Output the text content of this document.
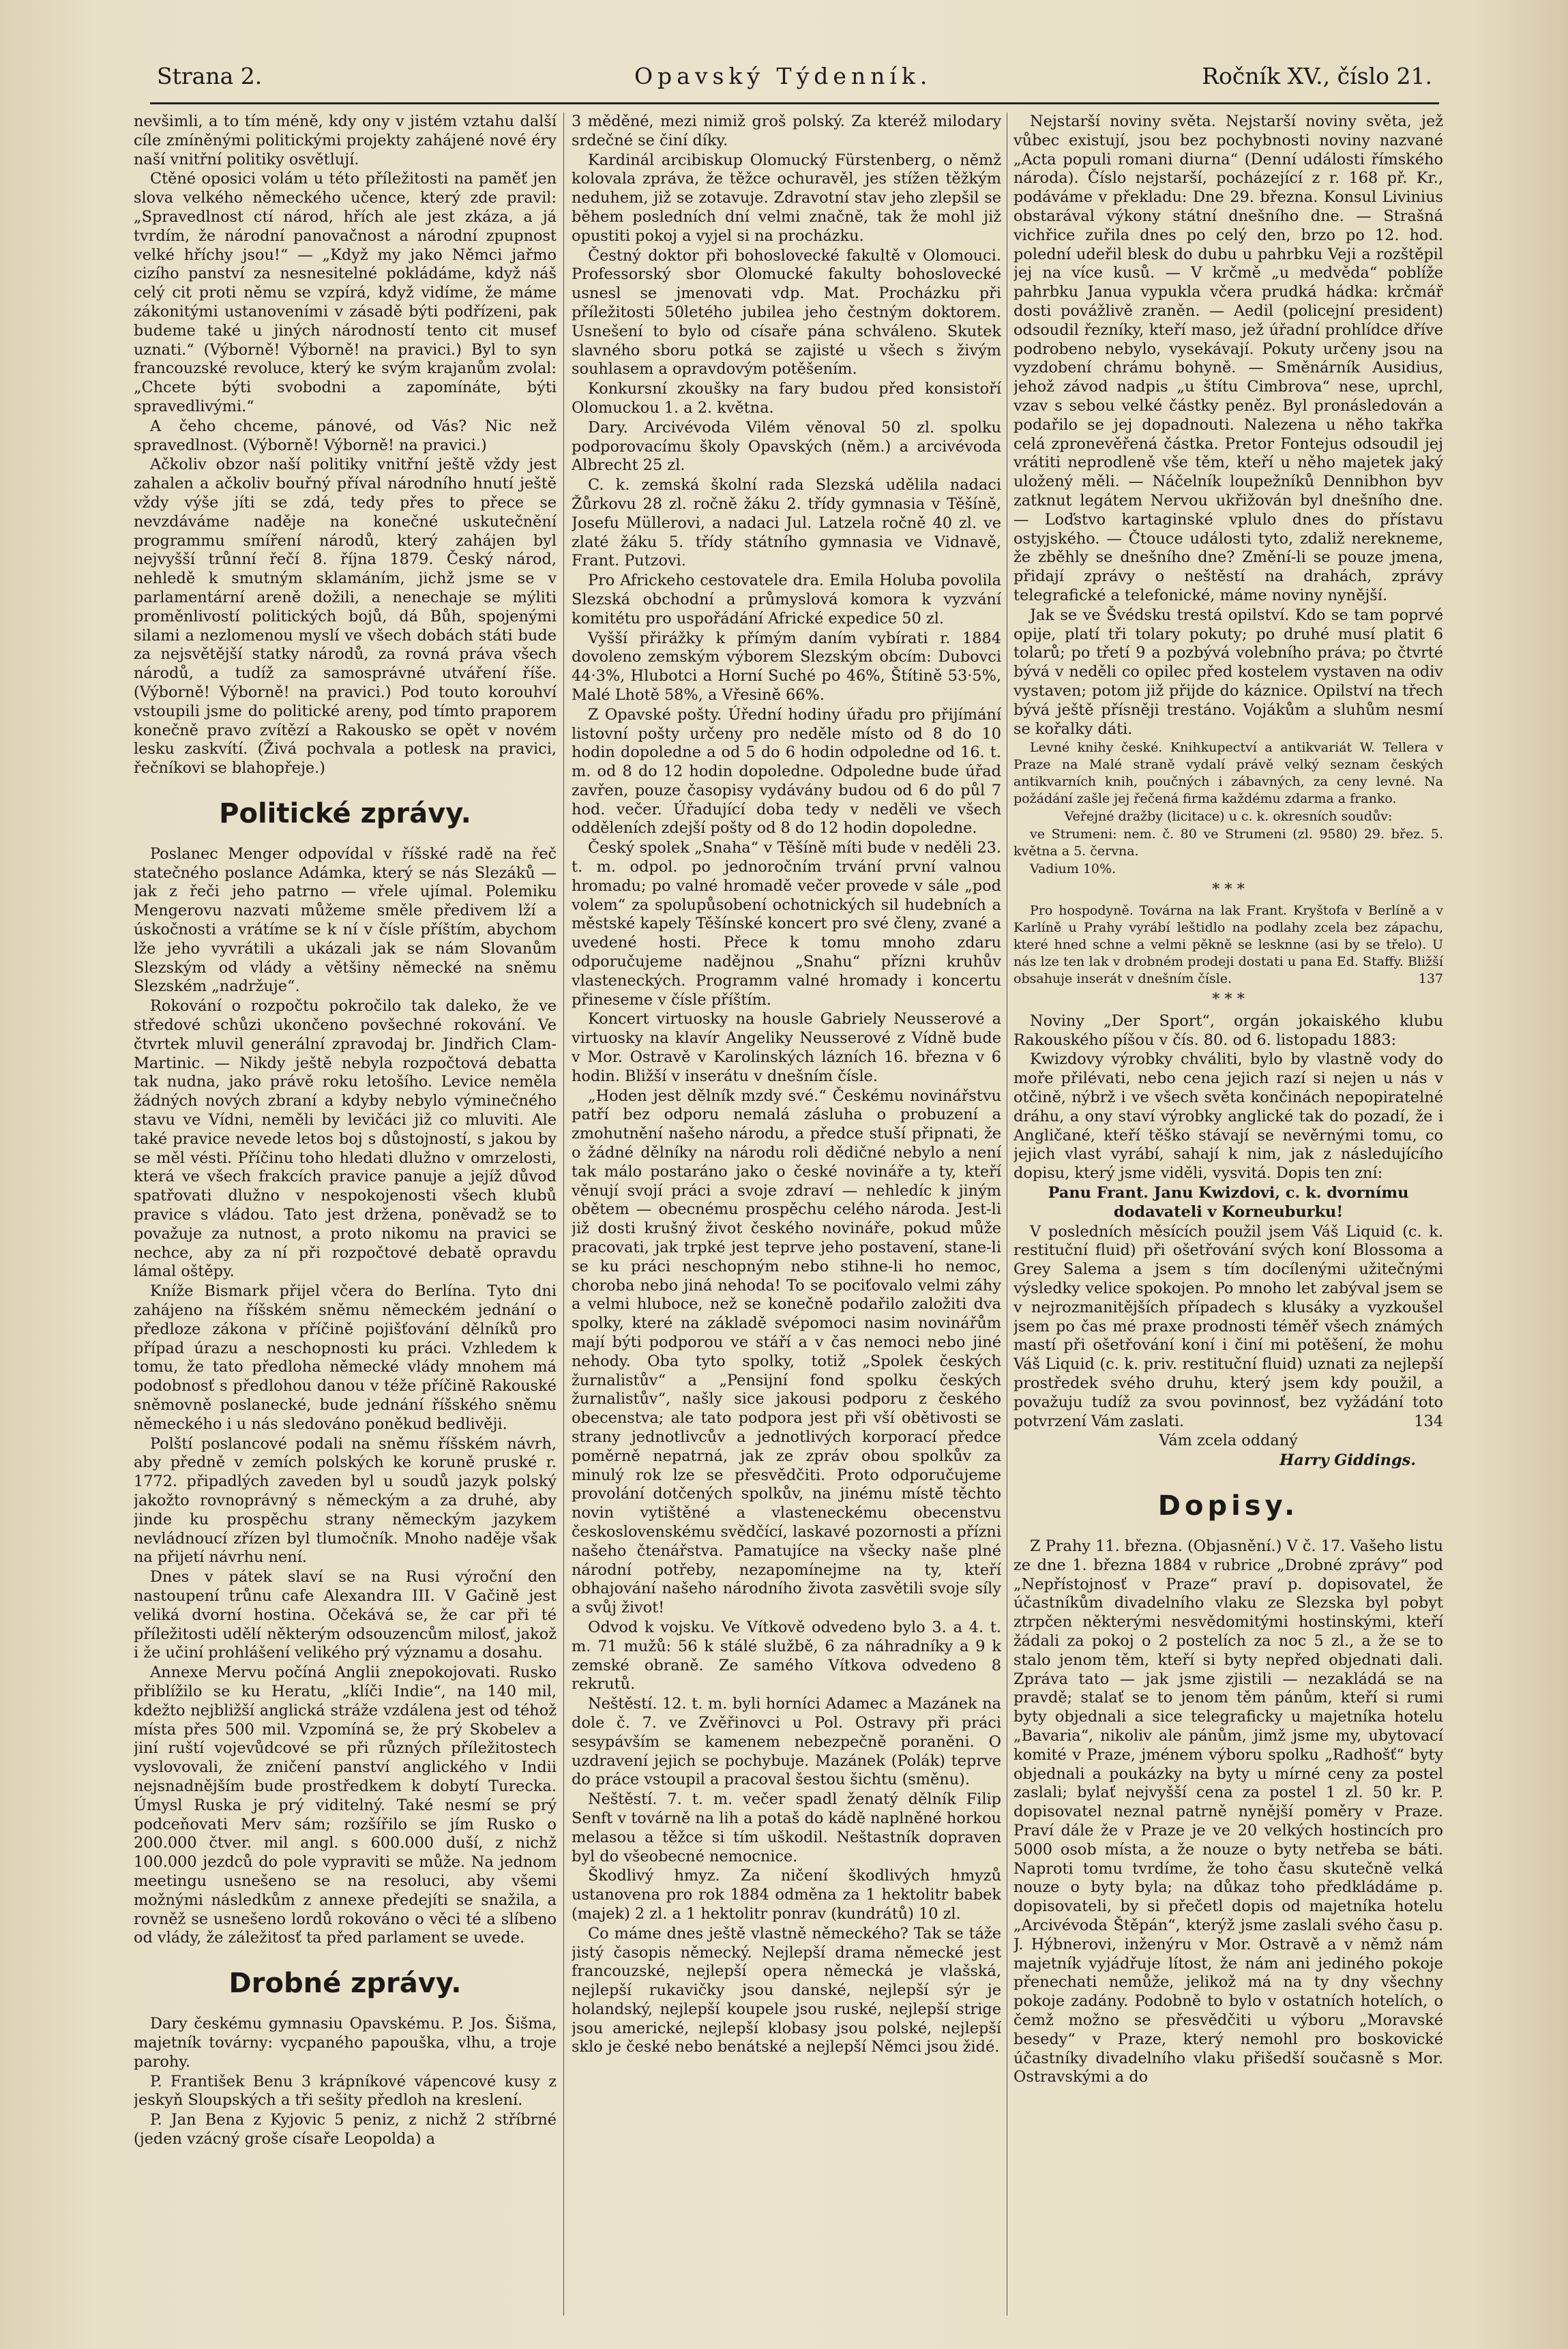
Strana 2.	Opavský Týdenník.	Ročník XV., číslo 21.

nevšimli, a to tím méně, kdy ony v jistém vztahu další cíle zmíněnými politickými projekty zahájené nové éry naší vnitřní politiky osvětlují.

Ctěné oposici volám u této příležitosti na paměť jen slova velkého německého učence, který zde pravil: „Spravedlnost ctí národ, hřích ale jest zkáza, a já tvrdím, že národní panovačnost a národní zpupnost velké hříchy jsou!“ — „Když my jako Němci jařmo cizího panství za nesnesitelné pokládáme, když náš celý cit proti němu se vzpírá, když vidíme, že máme zákonitými ustanoveními v zásadě býti podřízeni, pak budeme také u jiných národností tento cit musef uznati.“ (Výborně! Výborně! na pravici.) Byl to syn francouzské revoluce, který ke svým krajanům zvolal: „Chcete býti svobodni a zapomínáte, býti spravedlivými.“

A čeho chceme, pánové, od Vás? Nic než spravedlnost. (Výborně! Výborně! na pravici.)

Ačkoliv obzor naší politiky vnitřní ještě vždy jest zahalen a ačkoliv bouřný příval národního hnutí ještě vždy výše jíti se zdá, tedy přes to přece se nevzdáváme naděje na konečné uskutečnění programmu smíření národů, který zahájen byl nejvyšší trůnní řečí 8. října 1879. Český národ, nehledě k smutným sklamáním, jichž jsme se v parlamentární areně dožili, a nenechaje se mýliti proměnlivostí politických bojů, dá Bůh, spojenými silami a nezlomenou myslí ve všech dobách státi bude za nejsvětější statky národů, za rovná práva všech národů, a tudíž za samosprávné utváření říše. (Výborně! Výborně! na pravici.) Pod touto korouhví vstoupili jsme do politické areny, pod tímto praporem konečně pravo zvítězí a Rakousko se opět v novém lesku zaskvítí. (Živá pochvala a potlesk na pravici, řečníkovi se blahopřeje.)

Politické zprávy.

Poslanec Menger odpovídal v říšské radě na řeč statečného poslance Adámka, který se nás Slezáků — jak z řeči jeho patrno — vřele ujímal. Polemiku Mengerovu nazvati můžeme směle předivem lží a úskočnosti a vrátíme se k ní v čísle příštím, abychom lže jeho vyvrátili a ukázali jak se nám Slovanům Slezským od vlády a většiny německé na sněmu Slezském „nadržuje“.

Rokování o rozpočtu pokročilo tak daleko, že ve středové schůzi ukončeno povšechné rokování. Ve čtvrtek mluvil generální zpravodaj br. Jindřich Clam-Martinic. — Nikdy ještě nebyla rozpočtová debatta tak nudna, jako právě roku letošího. Levice neměla žádných nových zbraní a kdyby nebylo výminečného stavu ve Vídni, neměli by levičáci již co mluviti. Ale také pravice nevede letos boj s důstojností, s jakou by se měl vésti. Příčinu toho hledati dlužno v omrzelosti, která ve všech frakcích pravice panuje a jejíž důvod spatřovati dlužno v nespokojenosti všech klubů pravice s vládou. Tato jest držena, poněvadž se to považuje za nutnost, a proto nikomu na pravici se nechce, aby za ní při rozpočtové debatě opravdu lámal oštěpy.

Kníže Bismark přijel včera do Berlína. Tyto dni zahájeno na říšském sněmu německém jednání o předloze zákona v příčině pojišťování dělníků pro případ úrazu a neschopnosti ku práci. Vzhledem k tomu, že tato předloha německé vlády mnohem má podobnosť s předlohou danou v téže příčině Rakouské sněmovně poslanecké, bude jednání říšského sněmu německého i u nás sledováno poněkud bedlivěji.

Polští poslancové podali na sněmu říšském návrh, aby předně v zemích polských ke koruně pruské r. 1772. připadlých zaveden byl u soudů jazyk polský jakožto rovnoprávný s německým a za druhé, aby jinde ku prospěchu strany německým jazykem nevládnoucí zřízen byl tlumočník. Mnoho naděje však na přijetí návrhu není.

Dnes v pátek slaví se na Rusi výroční den nastoupení trůnu cafe Alexandra III. V Gačině jest veliká dvorní hostina. Očekává se, že car při té příležitosti udělí některým odsouzencům milosť, jakož i že učiní prohlášení velikého prý významu a dosahu.

Annexe Mervu počíná Anglii znepokojovati. Rusko přiblížilo se ku Heratu, „klíči Indie“, na 140 mil, kdežto nejbližší anglická stráže vzdálena jest od téhož místa přes 500 mil. Vzpomíná se, že prý Skobelev a jiní ruští vojevůdcové se při různých příležitostech vyslovovali, že zničení panství anglického v Indii nejsnadnějším bude prostředkem k dobytí Turecka. Úmysl Ruska je prý viditelný. Také nesmí se prý podceňovati Merv sám; rozšířilo se jím Rusko o 200.000 čtver. mil angl. s 600.000 duší, z nichž 100.000 jezdců do pole vypraviti se může. Na jednom meetingu usnešeno se na resoluci, aby všemi možnými následkům z annexe předejíti se snažila, a rovněž se usnešeno lordů rokováno o věci té a slíbeno od vlády, že záležitosť ta před parlament se uvede.

Drobné zprávy.

Dary českému gymnasiu Opavskému. P. Jos. Šišma, majetník továrny: vycpaného papouška, vlhu, a troje parohy.

P. František Benu 3 krápníkové vápencové kusy z jeskyň Sloupských a tři sešity předloh na kreslení.

P. Jan Bena z Kyjovic 5 peniz, z nichž 2 stříbrné (jeden vzácný groše císaře Leopolda) a

3 měděné, mezi nimiž groš polský. Za kteréž milodary srdečné se činí díky.

Kardinál arcibiskup Olomucký Fürstenberg, o němž kolovala zpráva, že těžce ochuravěl, jes stížen těžkým neduhem, již se zotavuje. Zdravotní stav jeho zlepšil se během posledních dní velmi značně, tak že mohl již opustiti pokoj a vyjel si na procházku.

Čestný doktor při bohoslovecké fakultě v Olomouci. Professorský sbor Olomucké fakulty bohoslovecké usnesl se jmenovati vdp. Mat. Procházku při příležitosti 50letého jubilea jeho čestným doktorem. Usnešení to bylo od císaře pána schváleno. Skutek slavného sboru potká se zajisté u všech s živým souhlasem a opravdovým potěšením.

Konkursní zkoušky na fary budou před konsistoří Olomuckou 1. a 2. května.

Dary. Arcivévoda Vilém věnoval 50 zl. spolku podporovacímu školy Opavských (něm.) a arcivévoda Albrecht 25 zl.

C. k. zemská školní rada Slezská udělila nadaci Žůrkovu 28 zl. ročně žáku 2. třídy gymnasia v Těšíně, Josefu Müllerovi, a nadaci Jul. Latzela ročně 40 zl. ve zlaté žáku 5. třídy státního gymnasia ve Vidnavě, Frant. Putzovi.

Pro Africkeho cestovatele dra. Emila Holuba povolila Slezská obchodní a průmyslová komora k vyzvání komitétu pro uspořádání Africké expedice 50 zl.

Vyšší přirážky k přímým daním vybírati r. 1884 dovoleno zemským výborem Slezským obcím: Dubovci 44·3%, Hlubotci a Horní Suché po 46%, Štítině 53·5%, Malé Lhotě 58%, a Vřesině 66%.

Z Opavské pošty. Úřední hodiny úřadu pro přijímání listovní pošty určeny pro neděle místo od 8 do 10 hodin dopoledne a od 5 do 6 hodin odpoledne od 16. t. m. od 8 do 12 hodin dopoledne. Odpoledne bude úřad zavřen, pouze časopisy vydávány budou od 6 do půl 7 hod. večer. Úřadující doba tedy v neděli ve všech odděleních zdejší pošty od 8 do 12 hodin dopoledne.

Český spolek „Snaha“ v Těšíně míti bude v neděli 23. t. m. odpol. po jednoročním trvání první valnou hromadu; po valné hromadě večer provede v sále „pod volem“ za spolupůsobení ochotnických sil hudebních a městské kapely Těšínské koncert pro své členy, zvané a uvedené hosti. Přece k tomu mnoho zdaru odporučujeme nadějnou „Snahu“ přízni kruhův vlasteneckých. Programm valné hromady i koncertu přineseme v čísle příštím.

Koncert virtuosky na housle Gabriely Neusserové a virtuosky na klavír Angeliky Neusserové z Vídně bude v Mor. Ostravě v Karolinských lázních 16. března v 6 hodin. Bližší v inserátu v dnešním čísle.

„Hoden jest dělník mzdy své.“ Českému novinářstvu patří bez odporu nemalá zásluha o probuzení a zmohutnění našeho národu, a předce stuší připnati, že o žádné dělníky na národu roli dědičné nebylo a není tak málo postaráno jako o české novináře a ty, kteří věnují svojí práci a svoje zdraví — nehledíc k jiným obětem — obecnému prospěchu celého národa. Jest-li již dosti krušný život českého novináře, pokud může pracovati, jak trpké jest teprve jeho postavení, stane-li se ku práci neschopným nebo stihne-li ho nemoc, choroba nebo jiná nehoda! To se pociťovalo velmi záhy a velmi hluboce, než se konečně podařilo založiti dva spolky, které na základě svépomoci nasim novinářům mají býti podporou ve stáří a v čas nemoci nebo jiné nehody. Oba tyto spolky, totiž „Spolek českých žurnalistův“ a „Pensijní fond spolku českých žurnalistův“, našly sice jakousi podporu z českého obecenstva; ale tato podpora jest při vší obětivosti se strany jednotlivcův a jednotlivých korporací předce poměrně nepatrná, jak ze zpráv obou spolkův za minulý rok lze se přesvědčiti. Proto odporučujeme provolání dotčených spolkův, na jinému místě těchto novin vytištěné a vlasteneckému obecenstvu československému svědčící, laskavé pozornosti a přízni našeho čtenářstva. Pamatujíce na všecky naše plné národní potřeby, nezapomínejme na ty, kteří obhajování našeho národního života zasvětili svoje síly a svůj život!

Odvod k vojsku. Ve Vítkově odvedeno bylo 3. a 4. t. m. 71 mužů: 56 k stálé službě, 6 za náhradníky a 9 k zemské obraně. Ze samého Vítkova odvedeno 8 rekrutů.

Neštěstí. 12. t. m. byli horníci Adamec a Mazánek na dole č. 7. ve Zvěřinovci u Pol. Ostravy při práci sesypávším se kamenem nebezpečně poraněni. O uzdravení jejich se pochybuje. Mazánek (Polák) teprve do práce vstoupil a pracoval šestou šichtu (směnu).

Neštěstí. 7. t. m. večer spadl ženatý dělník Filip Senft v továrně na lih a potaš do kádě naplněné horkou melasou a těžce si tím uškodil. Neštastník dopraven byl do všeobecné nemocnice.

Škodlivý hmyz. Za ničení škodlivých hmyzů ustanovena pro rok 1884 odměna za 1 hektolitr babek (majek) 2 zl. a 1 hektolitr ponrav (kundrátů) 10 zl.

Co máme dnes ještě vlastně německého? Tak se táže jistý časopis německý. Nejlepší drama německé jest francouzské, nejlepší opera německá je vlašská, nejlepší rukavičky jsou danské, nejlepší sýr je holandský, nejlepší koupele jsou ruské, nejlepší strige jsou americké, nejlepší klobasy jsou polské, nejlepší sklo je české nebo benátské a nejlepší Němci jsou židé.

Nejstarší noviny světa. Nejstarší noviny světa, jež vůbec existují, jsou bez pochybnosti noviny nazvané „Acta populi romani diurna“ (Denní události římského národa). Číslo nejstarší, pocházející z r. 168 př. Kr., podáváme v překladu: Dne 29. března. Konsul Livinius obstarával výkony státní dnešního dne. — Strašná vichřice zuřila dnes po celý den, brzo po 12. hod. polední udeřil blesk do dubu u pahrbku Veji a rozštěpil jej na více kusů. — V krčmě „u medvěda“ poblíže pahrbku Janua vypukla včera prudká hádka: krčmář dosti povážlivě zraněn. — Aedil (policejní president) odsoudil řezníky, kteří maso, jež úřadní prohlídce dříve podrobeno nebylo, vysekávají. Pokuty určeny jsou na vyzdobení chrámu bohyně. — Směnárník Ausidius, jehož závod nadpis „u štítu Cimbrova“ nese, uprchl, vzav s sebou velké částky peněz. Byl pronásledován a podařilo se jej dopadnouti. Nalezena u něho takřka celá zpronevěřená částka. Pretor Fontejus odsoudil jej vrátiti neprodleně vše těm, kteří u něho majetek jaký uložený měli. — Náčelník loupežníků Dennibhon byv zatknut legátem Nervou ukřižován byl dnešního dne. — Loďstvo kartaginské vplulo dnes do přístavu ostyjského. — Čtouce události tyto, zdaliž nerekneme, že zběhly se dnešního dne? Změní-li se pouze jmena, přidají zprávy o neštěstí na drahách, zprávy telegrafické a telefonické, máme noviny nynější.

Jak se ve Švédsku trestá opilství. Kdo se tam poprvé opije, platí tři tolary pokuty; po druhé musí platit 6 tolarů; po třetí 9 a pozbývá volebního práva; po čtvrté bývá v neděli co opilec před kostelem vystaven na odiv vystaven; potom již přijde do káznice. Opilství na třech bývá ještě přísněji trestáno. Vojákům a sluhům nesmí se kořalky dáti.

Levné knihy české. Knihkupectví a antikvariát W. Tellera v Praze na Malé straně vydalí právě velký seznam českých antikvarních knih, poučných i zábavných, za ceny levné. Na požádání zašle jej řečená firma každému zdarma a franko.

Veřejné dražby (licitace) u c. k. okresních soudův:

ve Strumeni: nem. č. 80 ve Strumeni (zl. 9580) 29. břez. 5. května a 5. června.

Vadium 10%.

* * *

Pro hospodyně. Továrna na lak Frant. Kryštofa v Berlíně a v Karlíně u Prahy vyrábí leštidlo na podlahy zcela bez zápachu, které hned schne a velmi pěkně se lesknne (asi by se třelo). U nás lze ten lak v drobném prodeji dostati u pana Ed. Staffy. Bližší obsahuje inserát v dnešním čísle.	137

* * *

Noviny „Der Sport“, orgán jokaiského klubu Rakouského píšou v čís. 80. od 6. listopadu 1883:

Kwizdovy výrobky chváliti, bylo by vlastně vody do moře přilévati, nebo cena jejich razí si nejen u nás v otčině, nýbrž i ve všech světa končinách nepopiratelné dráhu, a ony staví výrobky anglické tak do pozadí, že i Angličané, kteří těško stávají se nevěrnými tomu, co jejich vlast vyrábí, sahají k nim, jak z následujícího dopisu, který jsme viděli, vysvitá. Dopis ten zní:

Panu Frant. Janu Kwizdovi, c. k. dvornímu dodavateli v Korneuburku!

V posledních měsících použil jsem Váš Liquid (c. k. restituční fluid) při ošetřování svých koní Blossoma a Grey Salema a jsem s tím docílenými užitečnými výsledky velice spokojen. Po mnoho let zabýval jsem se v nejrozmanitějších případech s klusáky a vyzkoušel jsem po čas mé praxe prodnosti téměř všech známých mastí při ošetřování koní i činí mi potěšení, že mohu Váš Liquid (c. k. priv. restituční fluid) uznati za nejlepší prostředek svého druhu, který jsem kdy použil, a považuju tudíž za svou povinnosť, bez vyžádání toto potvrzení Vám zaslati.	134

Vám zcela oddaný

Harry Giddings.

Dopisy.

Z Prahy 11. března. (Objasnění.) V č. 17. Vašeho listu ze dne 1. března 1884 v rubrice „Drobné zprávy“ pod „Nepřístojnosť v Praze“ praví p. dopisovatel, že účastníkům divadelního vlaku ze Slezska byl pobyt ztrpčen některými nesvědomitými hostinskými, kteří žádali za pokoj o 2 postelích za noc 5 zl., a že se to stalo jenom těm, kteří si byty nepřed objednati dali. Zpráva tato — jak jsme zjistili — nezakládá se na pravdě; stalať se to jenom těm pánům, kteří si rumi byty objednali a sice telegraficky u majetníka hotelu „Bavaria“, nikoliv ale pánům, jimž jsme my, ubytovací komité v Praze, jménem výboru spolku „Radhošť“ byty objednali a poukázky na byty u mírné ceny za postel zaslali; bylať nejvyšší cena za postel 1 zl. 50 kr. P. dopisovatel neznal patrně nynější poměry v Praze. Praví dále že v Praze je ve 20 velkých hostincích pro 5000 osob místa, a že nouze o byty netřeba se báti. Naproti tomu tvrdíme, že toho času skutečně velká nouze o byty byla; na důkaz toho předkládáme p. dopisovateli, by si přečetl dopis od majetníka hotelu „Arcivévoda Štěpán“, kterýž jsme zaslali svého času p. J. Hýbnerovi, inženýru v Mor. Ostravě a v němž nám majetník vyjádřuje lítost, že nám ani jediného pokoje přenechati nemůže, jelikož má na ty dny všechny pokoje zadány. Podobně to bylo v ostatních hotelích, o čemž možno se přesvědčiti u výboru „Moravské besedy“ v Praze, který nemohl pro boskovické účastníky divadelního vlaku přišedší současně s Mor. Ostravskými a do
